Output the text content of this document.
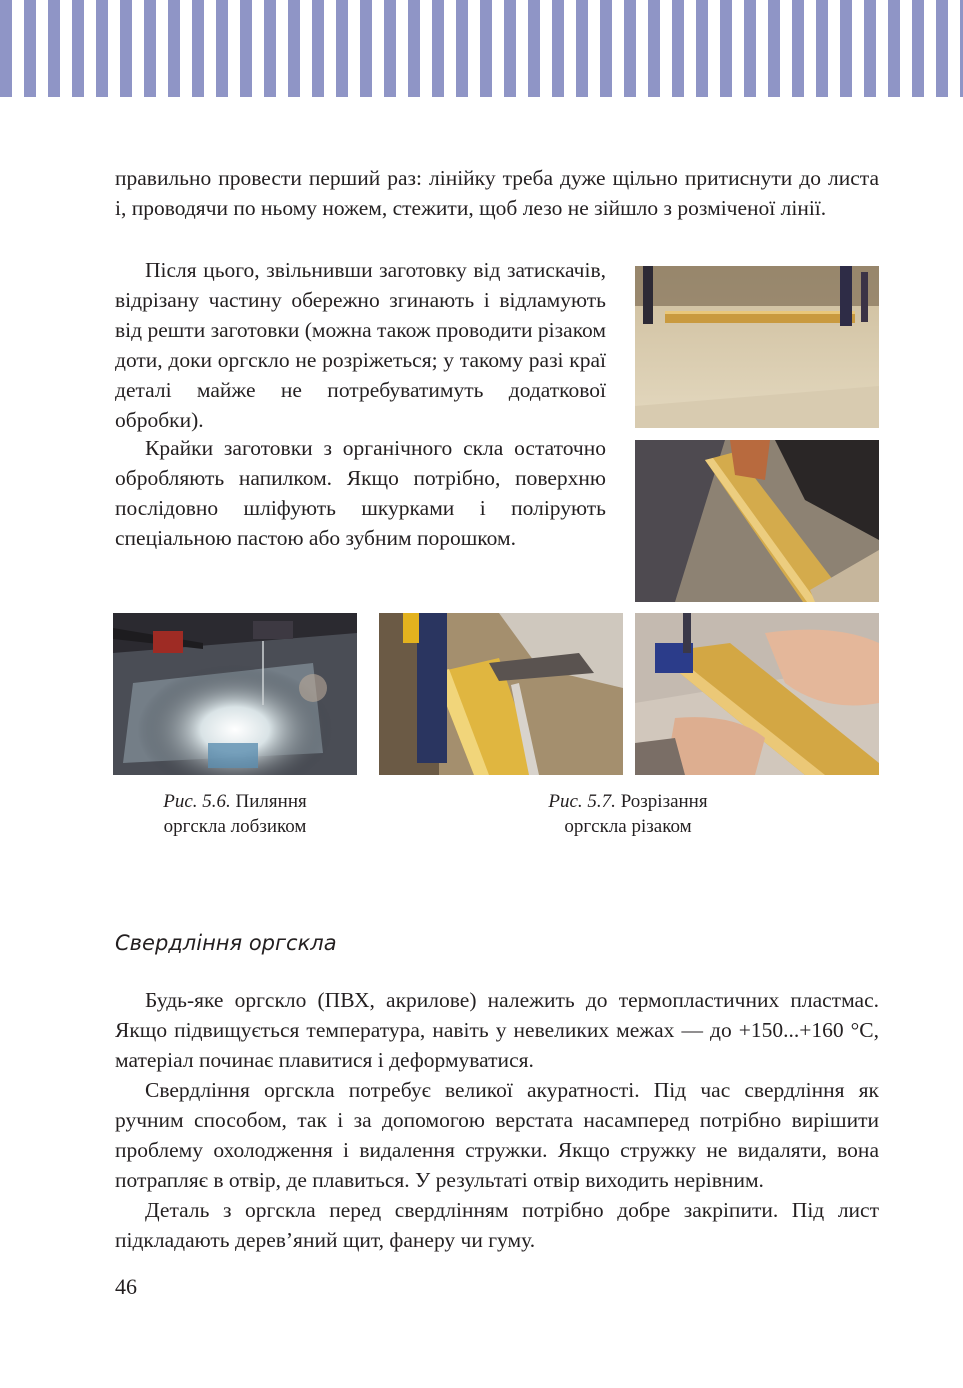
правильно провести перший раз: лінійку треба дуже щільно притиснути до листа і, проводячи по ньому ножем, стежити, щоб лезо не зійшло з розміченої лінії.

Після цього, звільнивши заготовку від затискачів, відрізану частину обережно згинають і відламують від решти заготовки (можна також проводити різаком доти, доки оргскло не розріжеться; у такому разі краї деталі майже не потребуватимуть додаткової обробки).

Крайки заготовки з органічного скла остаточно обробляють напилком. Якщо потрібно, поверхню послідовно шліфують шкурками і полірують спеціальною пастою або зубним порошком.

Рис. 5.6. Пиляння
оргскла лобзиком
Рис. 5.7. Розрізання
оргскла різаком
Свердління оргскла

Будь-яке оргскло (ПВХ, акрилове) належить до термопластичних пластмас. Якщо підвищується температура, навіть у невеликих межах — до +150...+160 °С, матеріал починає плавитися і деформуватися.

Свердління оргскла потребує великої акуратності. Під час свердління як ручним способом, так і за допомогою верстата насамперед потрібно вирішити проблему охолодження і видалення стружки. Якщо стружку не видаляти, вона потрапляє в отвір, де плавиться. У результаті отвір виходить нерівним.

Деталь з оргскла перед свердлінням потрібно добре закріпити. Під лист підкладають дерев’яний щит, фанеру чи гуму.

46
